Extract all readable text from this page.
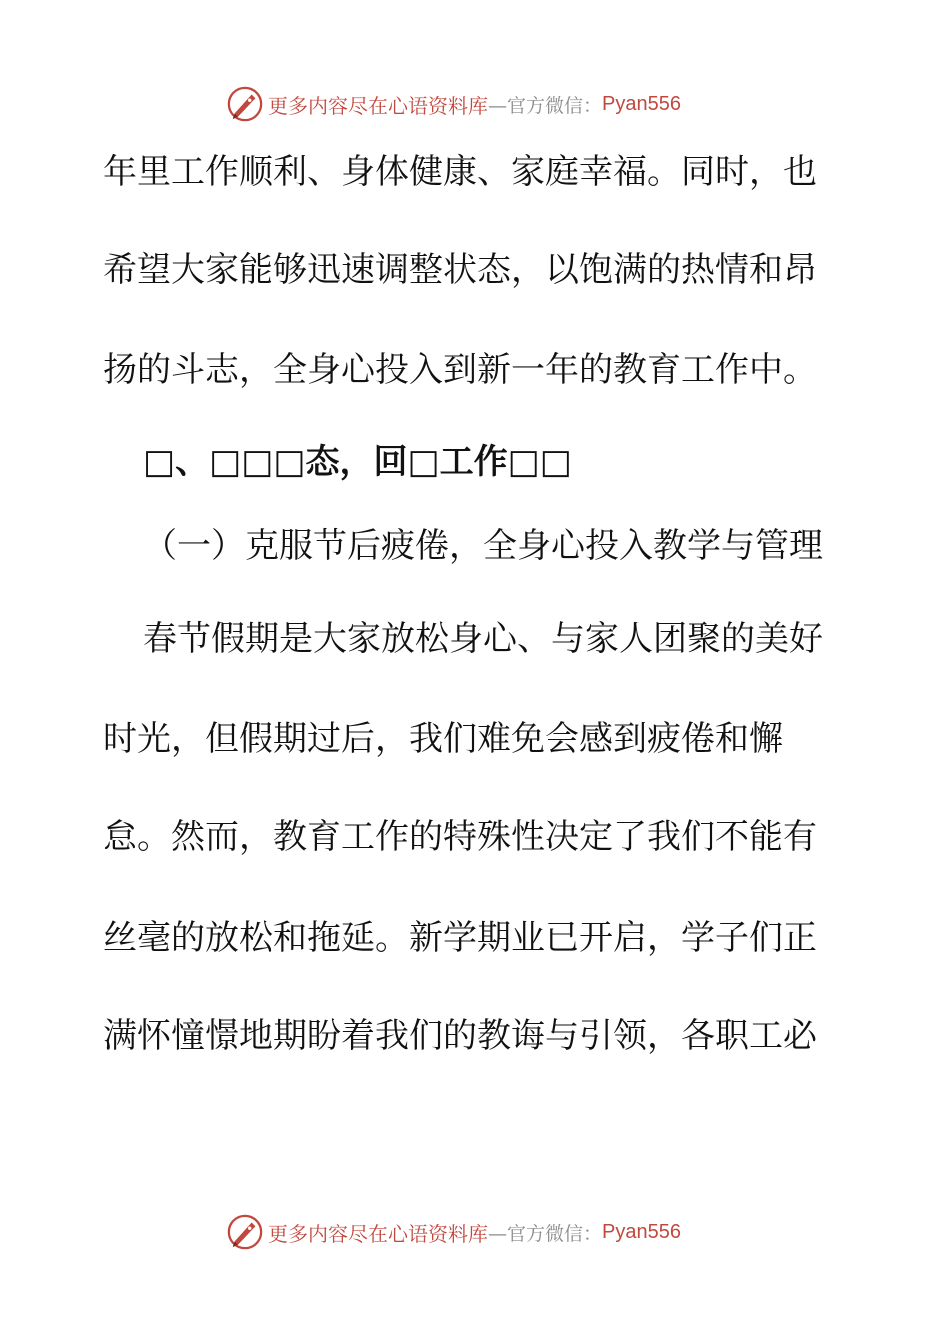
更多内容尽在心语资料库 —官方微信： Pyan556
年里工作顺利、身体健康、家庭幸福。同时，也
希望大家能够迅速调整状态，以饱满的热情和昂
扬的斗志，全身心投入到新一年的教育工作中。
□、□□□态，回□工作□□
（一）克服节后疲倦，全身心投入教学与管理
春节假期是大家放松身心、与家人团聚的美好
时光，但假期过后，我们难免会感到疲倦和懈
怠。然而，教育工作的特殊性决定了我们不能有
丝毫的放松和拖延。新学期业已开启，学子们正
满怀憧憬地期盼着我们的教诲与引领，各职工必
更多内容尽在心语资料库 —官方微信： Pyan556
